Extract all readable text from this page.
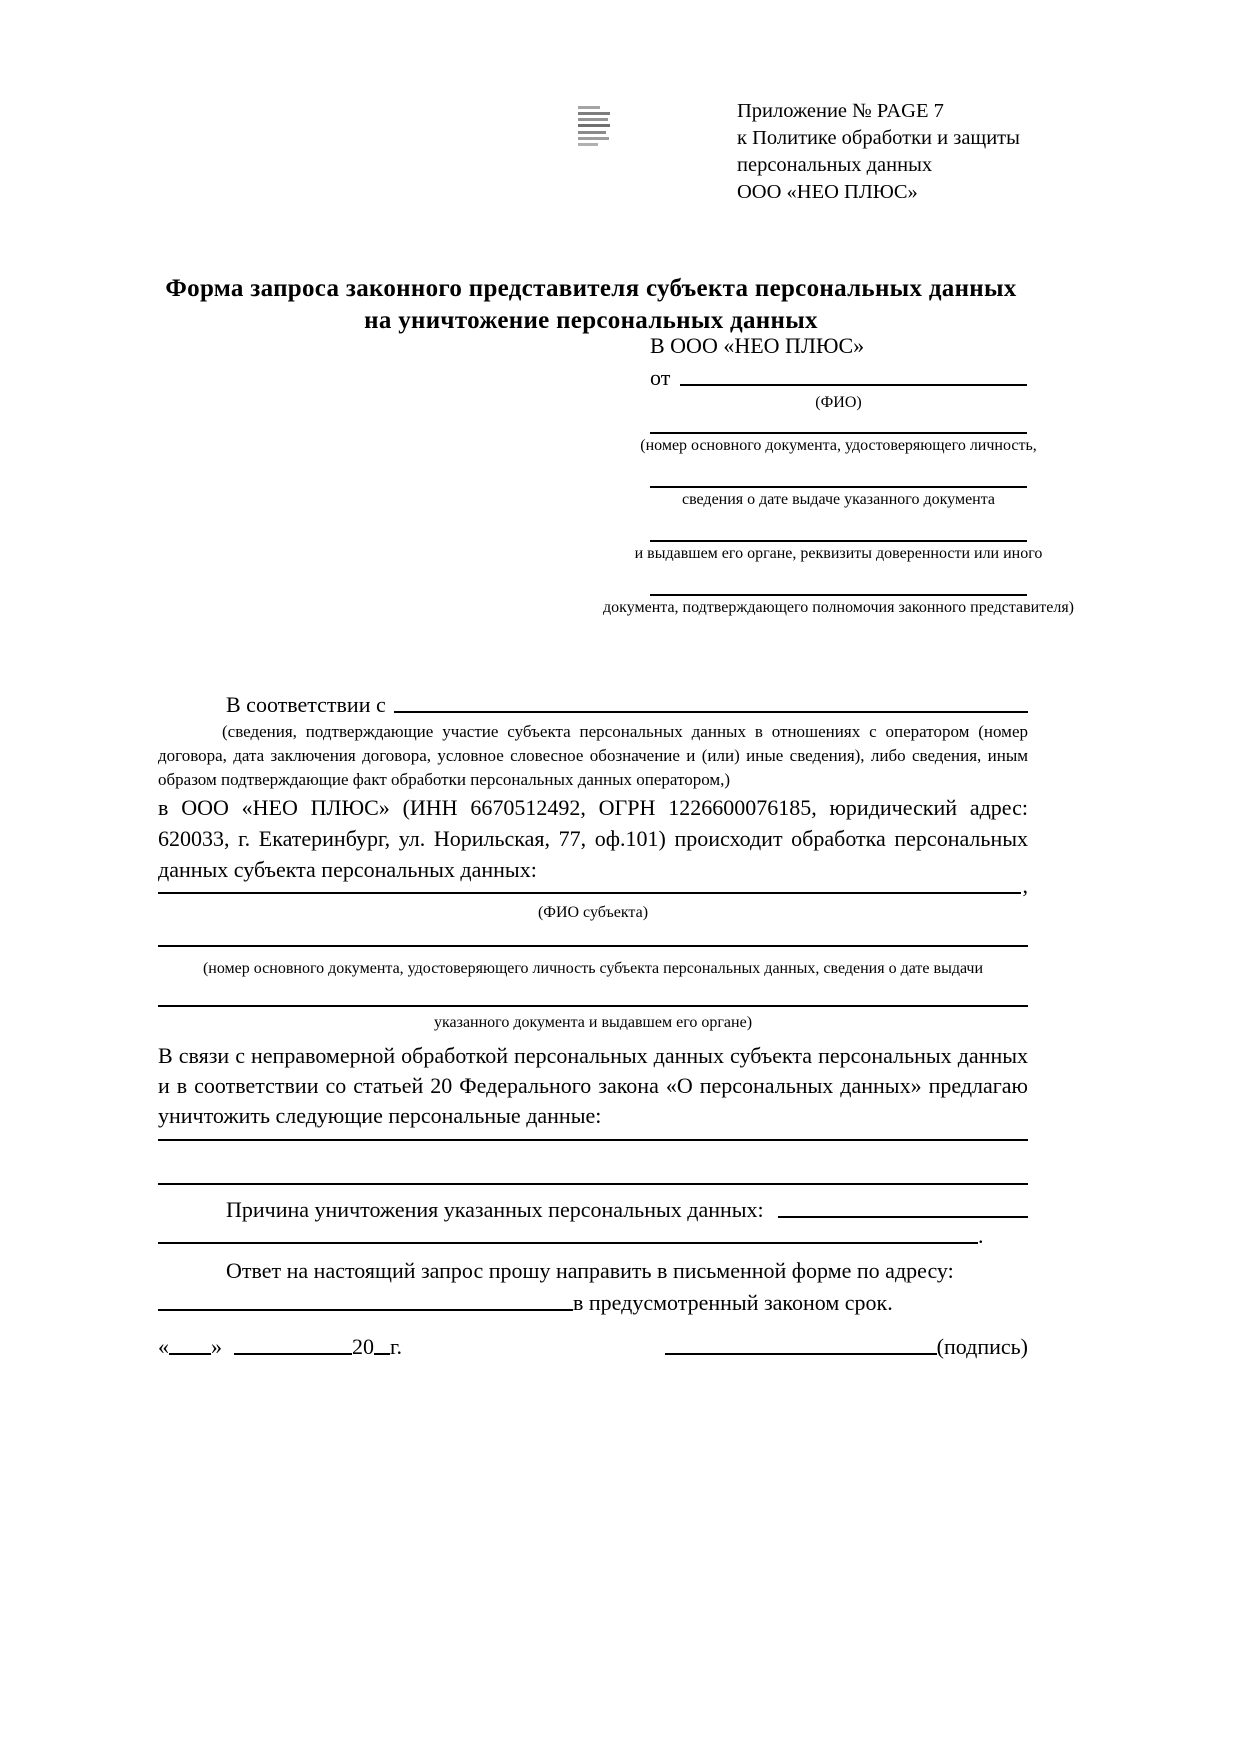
Приложение № PAGE 7
к Политике обработки и защиты
персональных данных
ООО «НЕО ПЛЮС»
Форма запроса законного представителя субъекта персональных данных
на уничтожение персональных данных
В ООО «НЕО ПЛЮС»
от
(ФИО)
(номер основного документа, удостоверяющего личность,
сведения о дате выдаче указанного документа
и выдавшем его органе, реквизиты доверенности или иного
документа, подтверждающего полномочия законного представителя)
В соответствии с
(сведения, подтверждающие участие субъекта персональных данных в отношениях с оператором (номер договора, дата заключения договора, условное словесное обозначение и (или) иные сведения), либо сведения, иным образом подтверждающие факт обработки персональных данных оператором,)

в ООО «НЕО ПЛЮС» (ИНН 6670512492, ОГРН 1226600076185, юридический адрес: 620033, г. Екатеринбург, ул. Норильская, 77, оф.101) происходит обработка персональных данных субъекта персональных данных:

,
(ФИО субъекта)
(номер основного документа, удостоверяющего личность субъекта персональных данных, сведения о дате выдачи
указанного документа и выдавшем его органе)

В связи с неправомерной обработкой персональных данных субъекта персональных данных и в соответствии со статьей 20 Федерального закона «О персональных данных» предлагаю уничтожить следующие персональные данные:

Причина уничтожения указанных персональных данных:
.

Ответ на настоящий запрос прошу направить в письменной форме по адресу:

в предусмотренный законом срок.
« »	20 г.	(подпись)
